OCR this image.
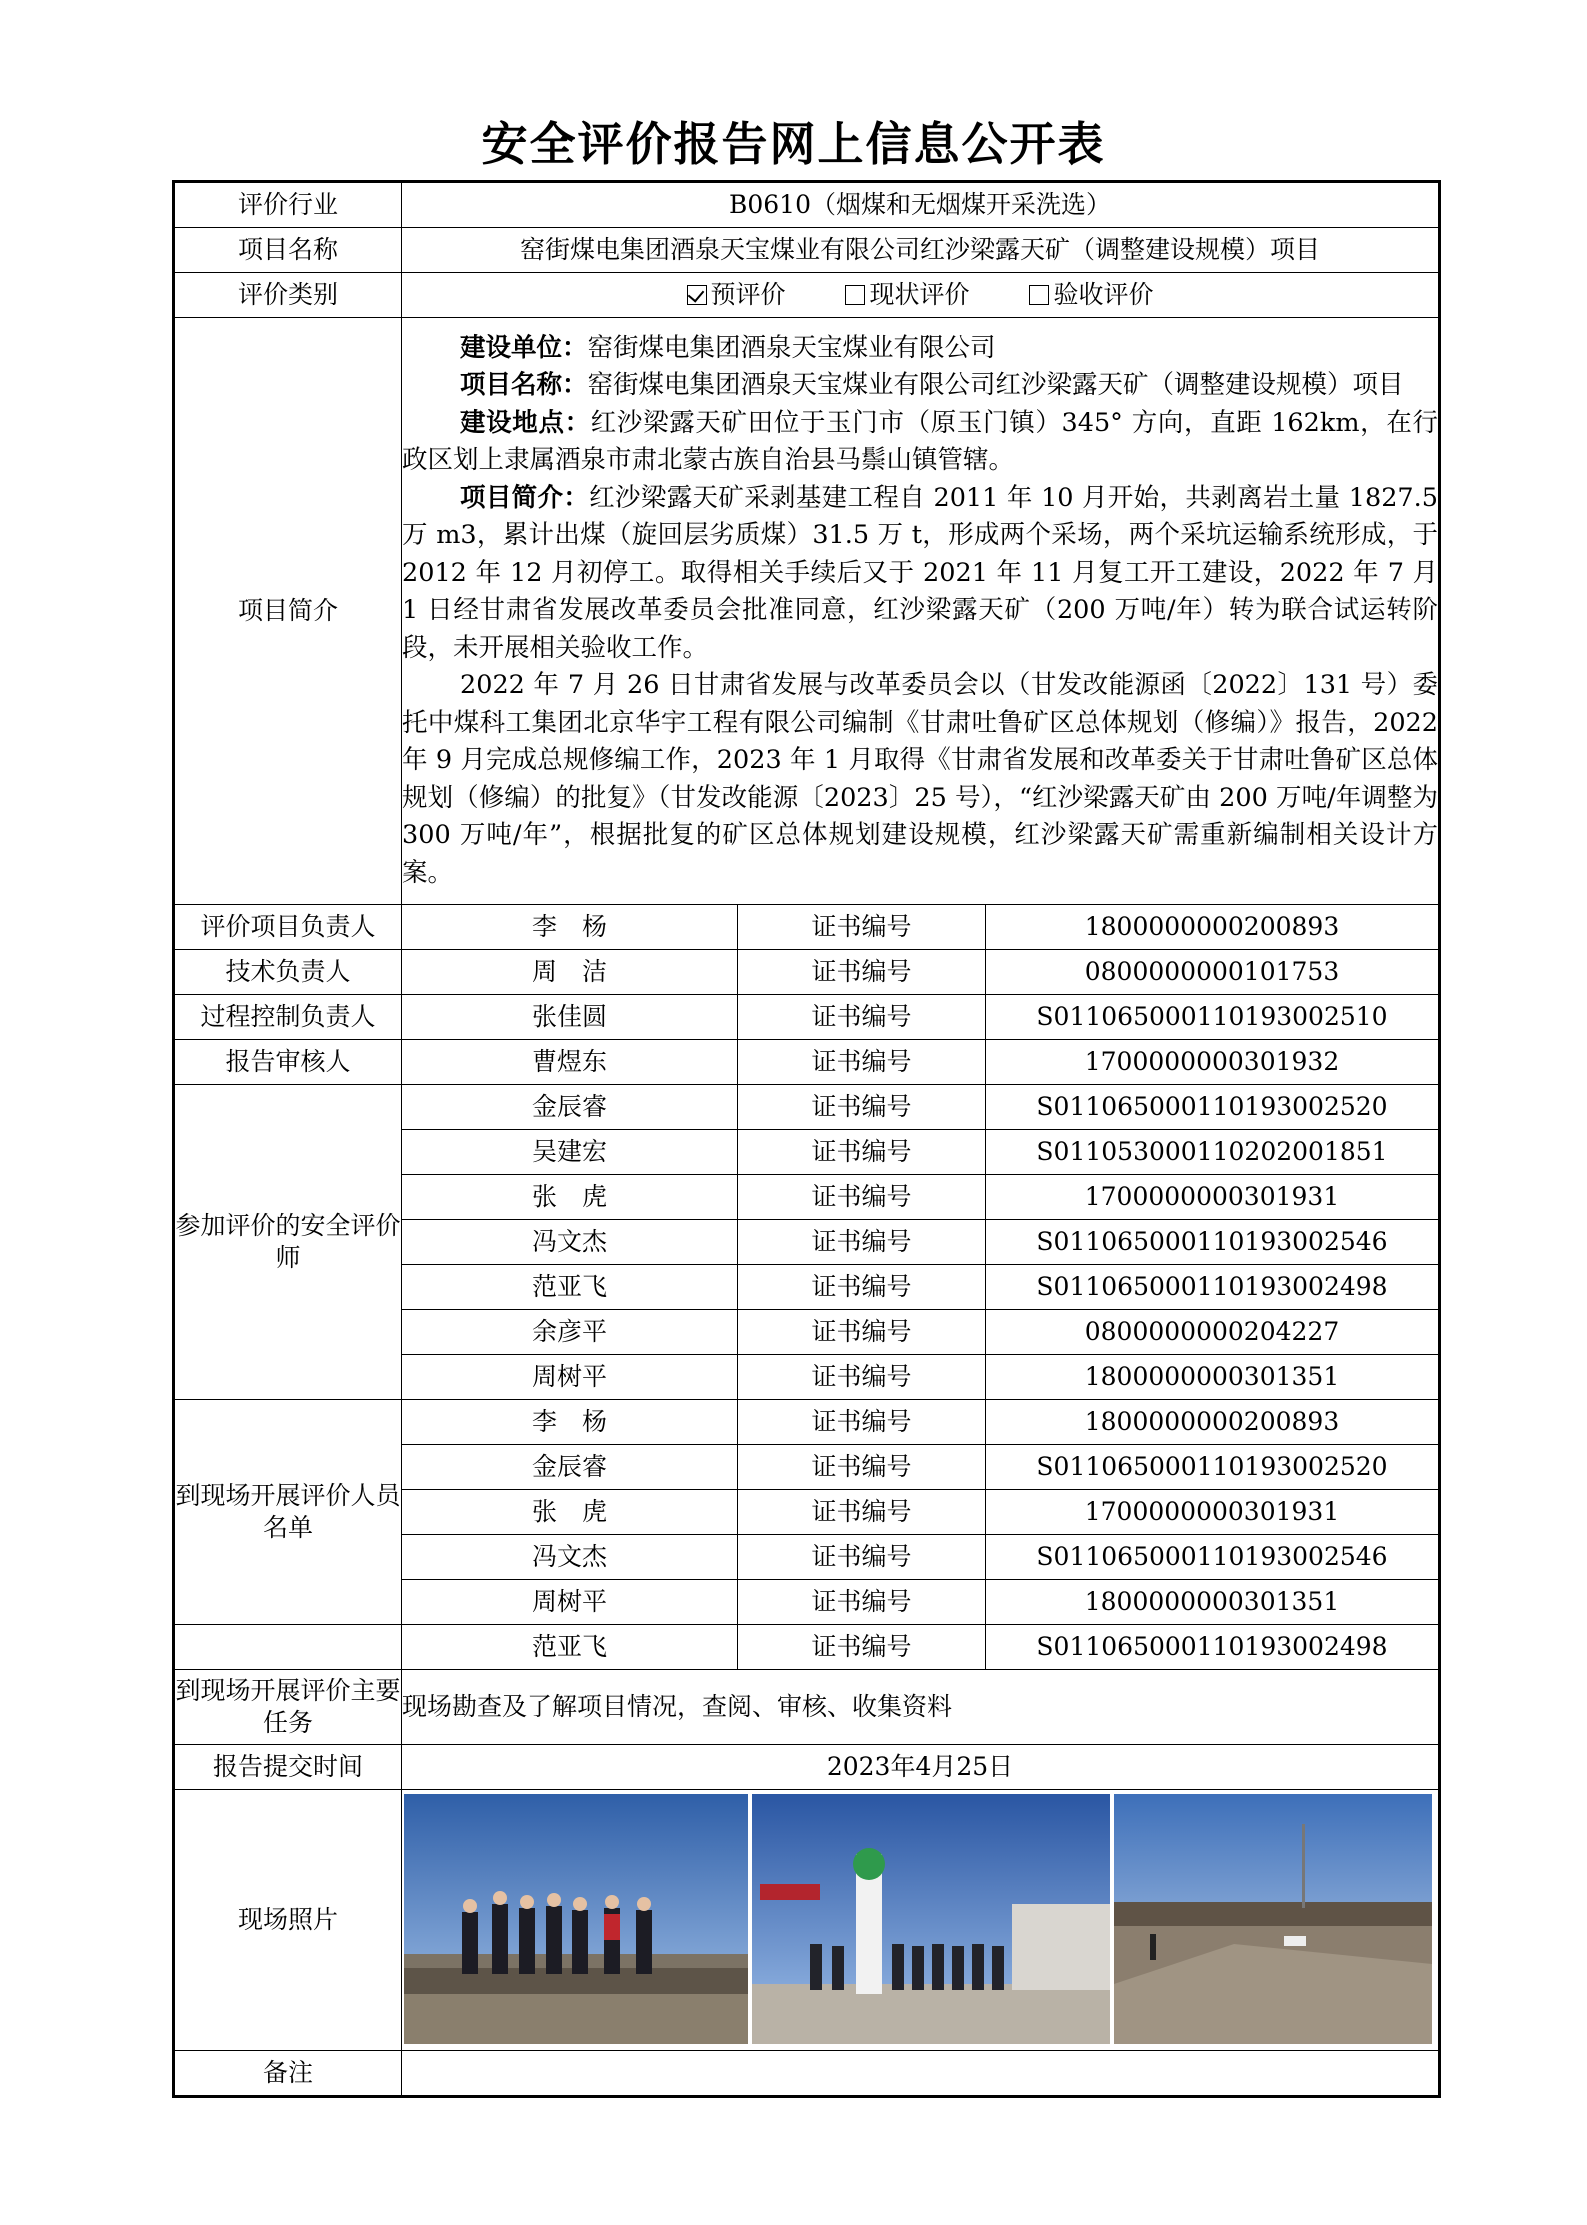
安全评价报告网上信息公开表
评价行业	B0610（烟煤和无烟煤开采洗选）		
项目名称	窑街煤电集团酒泉天宝煤业有限公司红沙梁露天矿（调整建设规模）项目		
评价类别	预评价 现状评价 验收评价		
项目简介	建设单位：窑街煤电集团酒泉天宝煤业有限公司

项目名称：窑街煤电集团酒泉天宝煤业有限公司红沙梁露天矿（调整建设规模）项目

建设地点：红沙梁露天矿田位于玉门市（原玉门镇）345° 方向，直距 162km，在行政区划上隶属酒泉市肃北蒙古族自治县马鬃山镇管辖。

项目简介：红沙梁露天矿采剥基建工程自 2011 年 10 月开始，共剥离岩土量 1827.5 万 m3，累计出煤（旋回层劣质煤）31.5 万 t，形成两个采场，两个采坑运输系统形成，于 2012 年 12 月初停工。取得相关手续后又于 2021 年 11 月复工开工建设，2022 年 7 月 1 日经甘肃省发展改革委员会批准同意，红沙梁露天矿（200 万吨/年）转为联合试运转阶段，未开展相关验收工作。

2022 年 7 月 26 日甘肃省发展与改革委员会以（甘发改能源函〔2022〕131 号）委托中煤科工集团北京华宇工程有限公司编制《甘肃吐鲁矿区总体规划（修编）》报告，2022 年 9 月完成总规修编工作，2023 年 1 月取得《甘肃省发展和改革委关于甘肃吐鲁矿区总体规划（修编）的批复》（甘发改能源〔2023〕25 号），“红沙梁露天矿由 200 万吨/年调整为 300 万吨/年”，根据批复的矿区总体规划建设规模，红沙梁露天矿需重新编制相关设计方案。		

评价项目负责人	李　杨	证书编号	1800000000200893
技术负责人	周　洁	证书编号	0800000000101753
过程控制负责人	张佳圆	证书编号	S011065000110193002510
报告审核人	曹煜东	证书编号	1700000000301932
参加评价的安全评价师	金辰睿	证书编号	S011065000110193002520
	吴建宏	证书编号	S011053000110202001851
	张　虎	证书编号	1700000000301931
	冯文杰	证书编号	S011065000110193002546
	范亚飞	证书编号	S011065000110193002498
	余彦平	证书编号	0800000000204227
	周树平	证书编号	1800000000301351
到现场开展评价人员名单	李　杨	证书编号	1800000000200893
	金辰睿	证书编号	S011065000110193002520
	张　虎	证书编号	1700000000301931
	冯文杰	证书编号	S011065000110193002546
	周树平	证书编号	1800000000301351
	范亚飞	证书编号	S011065000110193002498
到现场开展评价主要任务	现场勘查及了解项目情况，查阅、审核、收集资料		
报告提交时间	2023年4月25日		
现场照片	

备注			
